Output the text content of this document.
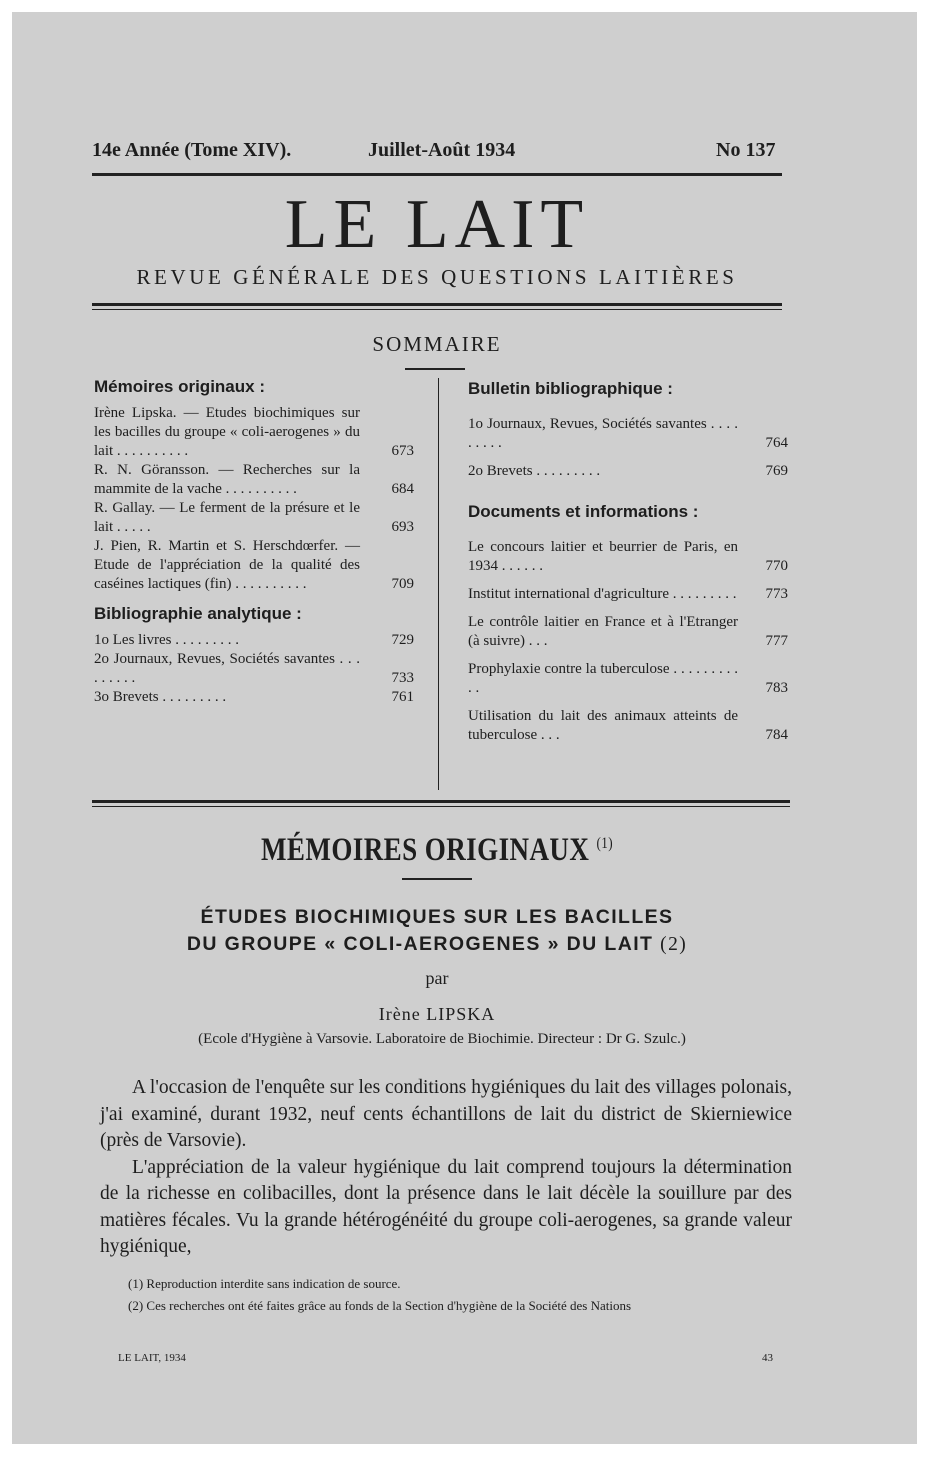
14e Année (Tome XIV).	Juillet-Août 1934	No 137
LE LAIT
REVUE GÉNÉRALE DES QUESTIONS LAITIÈRES
SOMMAIRE
Mémoires originaux :
Irène Lipska. — Etudes biochimiques sur les bacilles du groupe « coli-aerogenes » du lait . . . . . . . . . .	673
R. N. Göransson. — Recherches sur la mammite de la vache . . . . . . . . . .	684
R. Gallay. — Le ferment de la présure et le lait . . . . .	693
J. Pien, R. Martin et S. Herschdœrfer. — Etude de l'appréciation de la qualité des caséines lactiques (fin) . . . . . . . . . .	709
Bibliographie analytique :
1o Les livres . . . . . . . . .	729
2o Journaux, Revues, Sociétés savantes . . . . . . . . .	733
3o Brevets . . . . . . . . .	761
Bulletin bibliographique :
1o Journaux, Revues, Sociétés savantes . . . . . . . . .	764
2o Brevets . . . . . . . . .	769
Documents et informations :
Le concours laitier et beurrier de Paris, en 1934 . . . . . .	770
Institut international d'agriculture . . . . . . . . . 773
Le contrôle laitier en France et à l'Etranger (à suivre) . . .	777
Prophylaxie contre la tuberculose . . . . . . . . . . .	783
Utilisation du lait des animaux atteints de tuberculose . . .	784
MÉMOIRES ORIGINAUX $^{(1)}$
ÉTUDES BIOCHIMIQUES SUR LES BACILLES
DU GROUPE « COLI-AEROGENES » DU LAIT (2)
par
Irène LIPSKA
(Ecole d'Hygiène à Varsovie. Laboratoire de Biochimie. Directeur : Dr G. Szulc.)

A l'occasion de l'enquête sur les conditions hygiéniques du lait des villages polonais, j'ai examiné, durant 1932, neuf cents échantillons de lait du district de Skierniewice (près de Varsovie).

L'appréciation de la valeur hygiénique du lait comprend toujours la détermination de la richesse en colibacilles, dont la présence dans le lait décèle la souillure par des matières fécales. Vu la grande hétérogénéité du groupe coli-aerogenes, sa grande valeur hygiénique,

(1) Reproduction interdite sans indication de source.
(2) Ces recherches ont été faites grâce au fonds de la Section d'hygiène de la Société des Nations
LE LAIT, 1934	43
